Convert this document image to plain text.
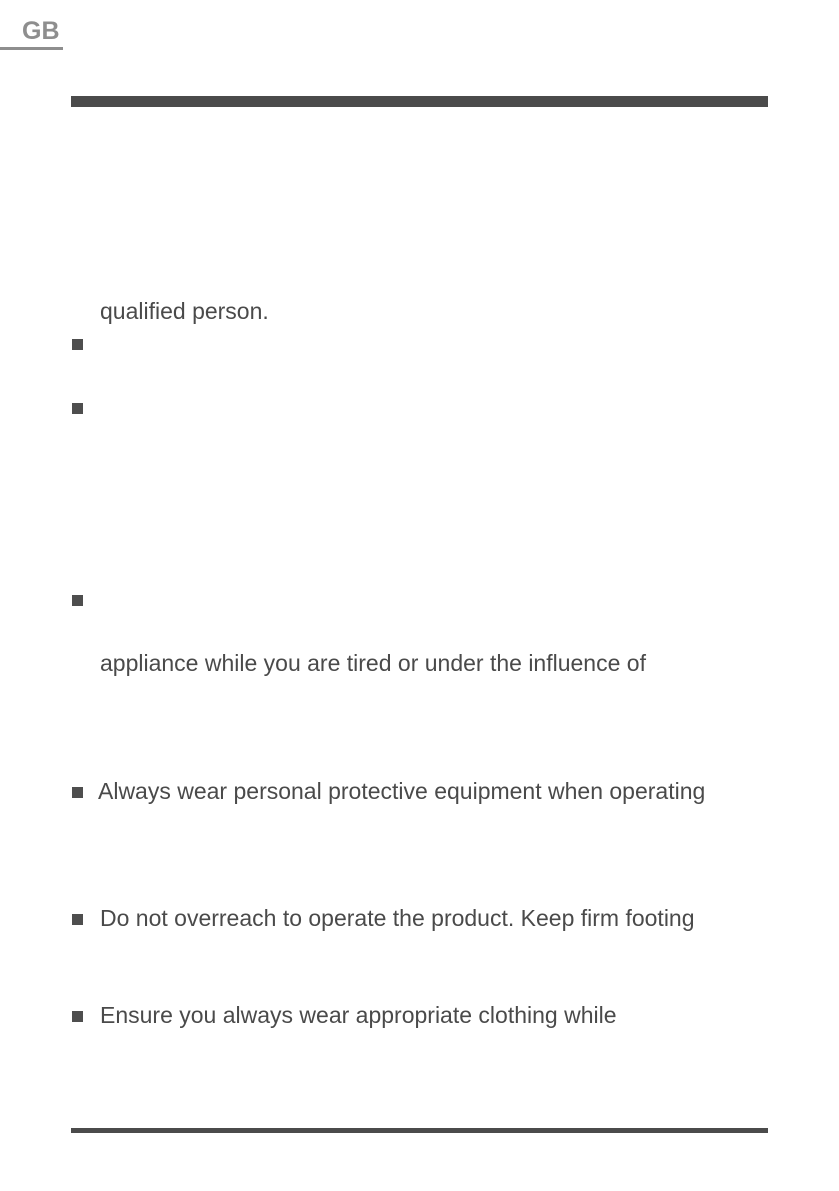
GB
qualified person.
appliance while you are tired or under the influence of
Always wear personal protective equipment when operating
Do not overreach to operate the product. Keep firm footing
Ensure you always wear appropriate clothing while
